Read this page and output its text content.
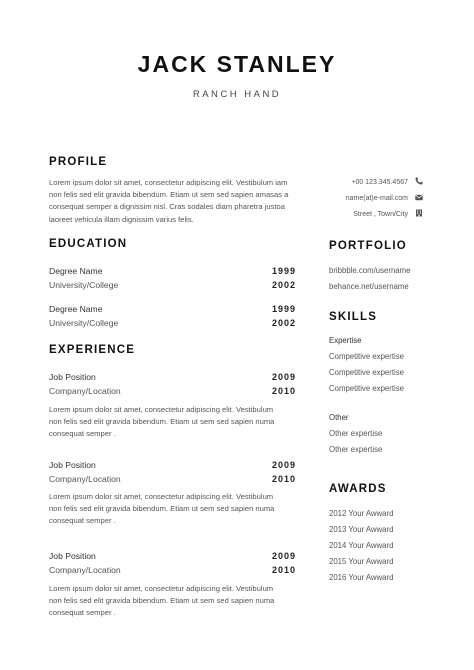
JACK STANLEY
RANCH HAND
PROFILE
Lorem ipsum dolor sit amet, consectetur adipiscing elit. Vestibulum iam
non felis sed elit gravida bibendum. Etiam ut sem sed sapien amasas a
consequat semper a dignissim nisl. Cras sodales diam pharetra justoa
laoreet vehicula illam dignissim varius felis.
+00 123.345.4567
name(at)e-mail.com
Street , Town/City
EDUCATION
Degree Name	1999
University/College	2002
Degree Name	1999
University/College	2002
EXPERIENCE
Job Position	2009
Company/Location	2010
Lorem ipsum dolor sit amet, consectetur adipiscing elit. Vestibulum
non felis sed elit gravida bibendum. Etiam ut sem sed sapien numa
consequat semper .
Job Position	2009
Company/Location	2010
Lorem ipsum dolor sit amet, consectetur adipiscing elit. Vestibulum
non felis sed elit gravida bibendum. Etiam ut sem sed sapien numa
consequat semper .
Job Position	2009
Company/Location	2010
Lorem ipsum dolor sit amet, consectetur adipiscing elit. Vestibulum
non felis sed elit gravida bibendum. Etiam ut sem sed sapien numa
consequat semper .
PORTFOLIO
bribbble.com/username
behance.net/username
SKILLS
Expertise
Competitive expertise
Competitive expertise
Competitive expertise
Other
Other expertise
Other expertise
AWARDS
2012 Your Awward
2013 Your Awward
2014 Your Awward
2015 Your Awward
2016 Your Awward
